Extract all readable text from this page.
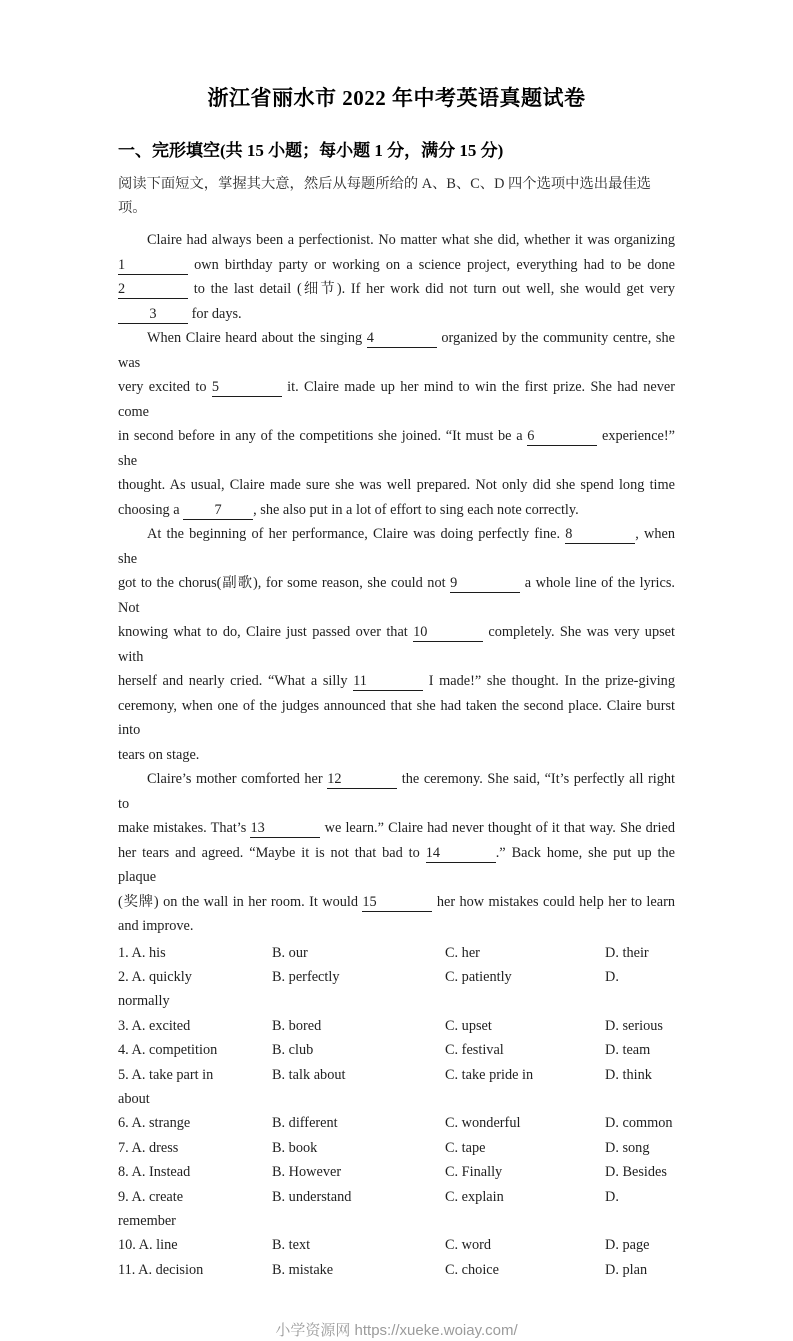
浙江省丽水市 2022 年中考英语真题试卷
一、完形填空(共 15 小题；每小题 1 分，满分 15 分)
阅读下面短文，掌握其大意，然后从每题所给的 A、B、C、D 四个选项中选出最佳选项。
Claire had always been a perfectionist. No matter what she did, whether it was organizing
1	own birthday party or working on a science project, everything had to be done
2	to the last detail (细节). If her work did not turn out well, she would get very
3 for days.
When Claire heard about the singing 4	organized by the community centre, she was
very excited to 5	it. Claire made up her mind to win the first prize. She had never come
in second before in any of the competitions she joined. “It must be a 6	experience!” she
thought. As usual, Claire made sure she was well prepared. Not only did she spend long time
choosing a 7 , she also put in a lot of effort to sing each note correctly.
At the beginning of her performance, Claire was doing perfectly fine. 8	, when she
got to the chorus(副歌), for some reason, she could not 9	a whole line of the lyrics. Not
knowing what to do, Claire just passed over that 10	completely. She was very upset with
herself and nearly cried. “What a silly 11	I made!” she thought. In the prize-giving
ceremony, when one of the judges announced that she had taken the second place. Claire burst into
tears on stage.
Claire’s mother comforted her 12	the ceremony. She said, “It’s perfectly all right to
make mistakes. That’s 13	we learn.” Claire had never thought of it that way. She dried
her tears and agreed. “Maybe it is not that bad to 14	.” Back home, she put up the plaque
(奖牌) on the wall in her room. It would 15	her how mistakes could help her to learn
and improve.
1. A. his	B. our	C. her	D. their
2. A. quickly	B. perfectly	C. patiently	D.
normally
3. A. excited	B. bored	C. upset	D. serious
4. A. competition	B. club	C. festival	D. team
5. A. take part in	B. talk about	C. take pride in	D. think
about
6. A. strange	B. different	C. wonderful	D. common
7. A. dress	B. book	C. tape	D. song
8. A. Instead	B. However	C. Finally	D. Besides
9. A. create	B. understand	C. explain	D.
remember
10. A. line	B. text	C. word	D. page
11. A. decision	B. mistake	C. choice	D. plan
小学资源网 https://xueke.woiay.com/
